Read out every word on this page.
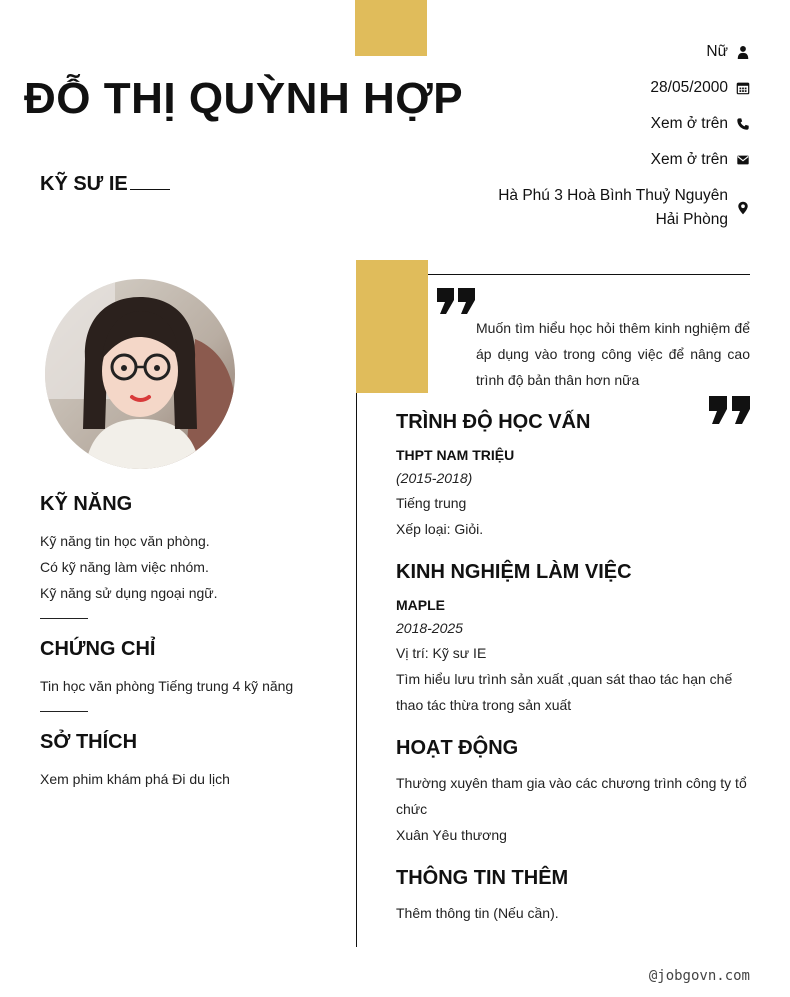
ĐỖ THỊ QUỲNH HỢP
KỸ SƯ IE
Nữ
28/05/2000
Xem ở trên
Xem ở trên
Hà Phú 3 Hoà Bình Thuỷ Nguyên
Hải Phòng
KỸ NĂNG
Kỹ năng tin học văn phòng.
Có kỹ năng làm việc nhóm.
Kỹ năng sử dụng ngoại ngữ.
CHỨNG CHỈ
Tin học văn phòng Tiếng trung 4 kỹ năng
SỞ THÍCH
Xem phim khám phá Đi du lịch
Muốn tìm hiểu học hỏi thêm kinh nghiệm để áp dụng vào trong công việc để nâng cao trình độ bản thân hơn nữa
TRÌNH ĐỘ HỌC VẤN
THPT NAM TRIỆU
(2015-2018)
Tiếng trung
Xếp loại: Giỏi.
KINH NGHIỆM LÀM VIỆC
MAPLE
2018-2025
Vị trí: Kỹ sư IE
Tìm hiểu lưu trình sản xuất ,quan sát thao tác hạn chế thao tác thừa trong sản xuất
HOẠT ĐỘNG
Thường xuyên tham gia vào các chương trình công ty tổ chức
Xuân Yêu thương
THÔNG TIN THÊM
Thêm thông tin (Nếu cần).
@jobgovn.com
